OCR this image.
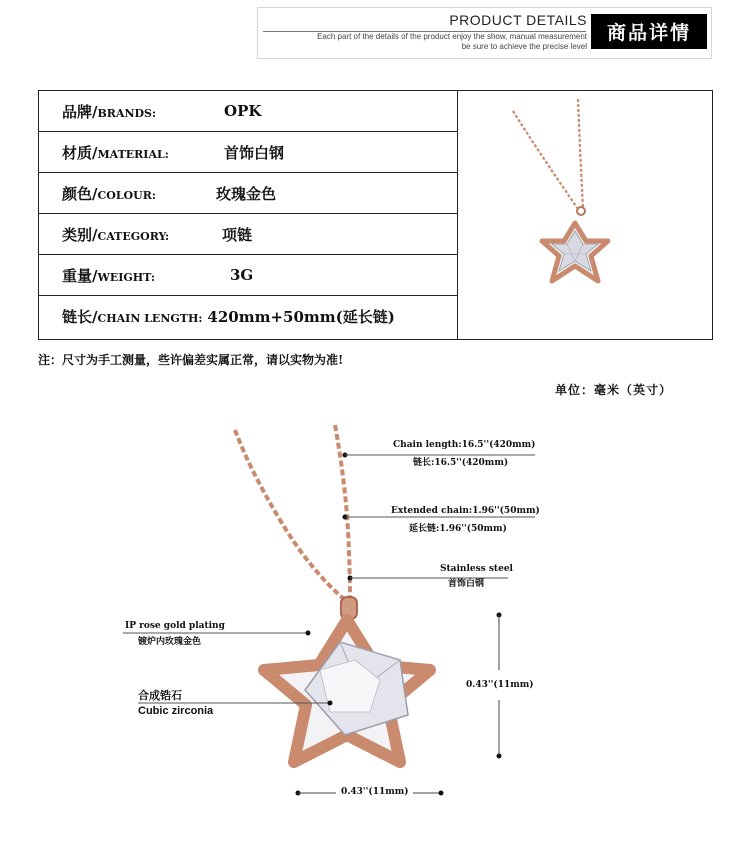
PRODUCT DETAILS
Each part of the details of the product enjoy the show, manual measurement
be sure to achieve the precise level
商品详情
品牌/BRANDS:	OPK
材质/MATERIAL:	首饰白钢
颜色/COLOUR:	玫瑰金色
类别/CATEGORY:	项链
重量/WEIGHT:	3G
链长/CHAIN LENGTH: 420mm+50mm(延长链)
注：尺寸为手工测量，些许偏差实属正常，请以实物为准!
单位：毫米（英寸）
Chain length:16.5''(420mm)
链长:16.5''(420mm)
Extended chain:1.96''(50mm)
延长链:1.96''(50mm)
Stainless steel
首饰白钢
IP rose gold plating
镀炉内玫瑰金色
合成锆石
Cubic zirconia
0.43''(11mm)
0.43''(11mm)
